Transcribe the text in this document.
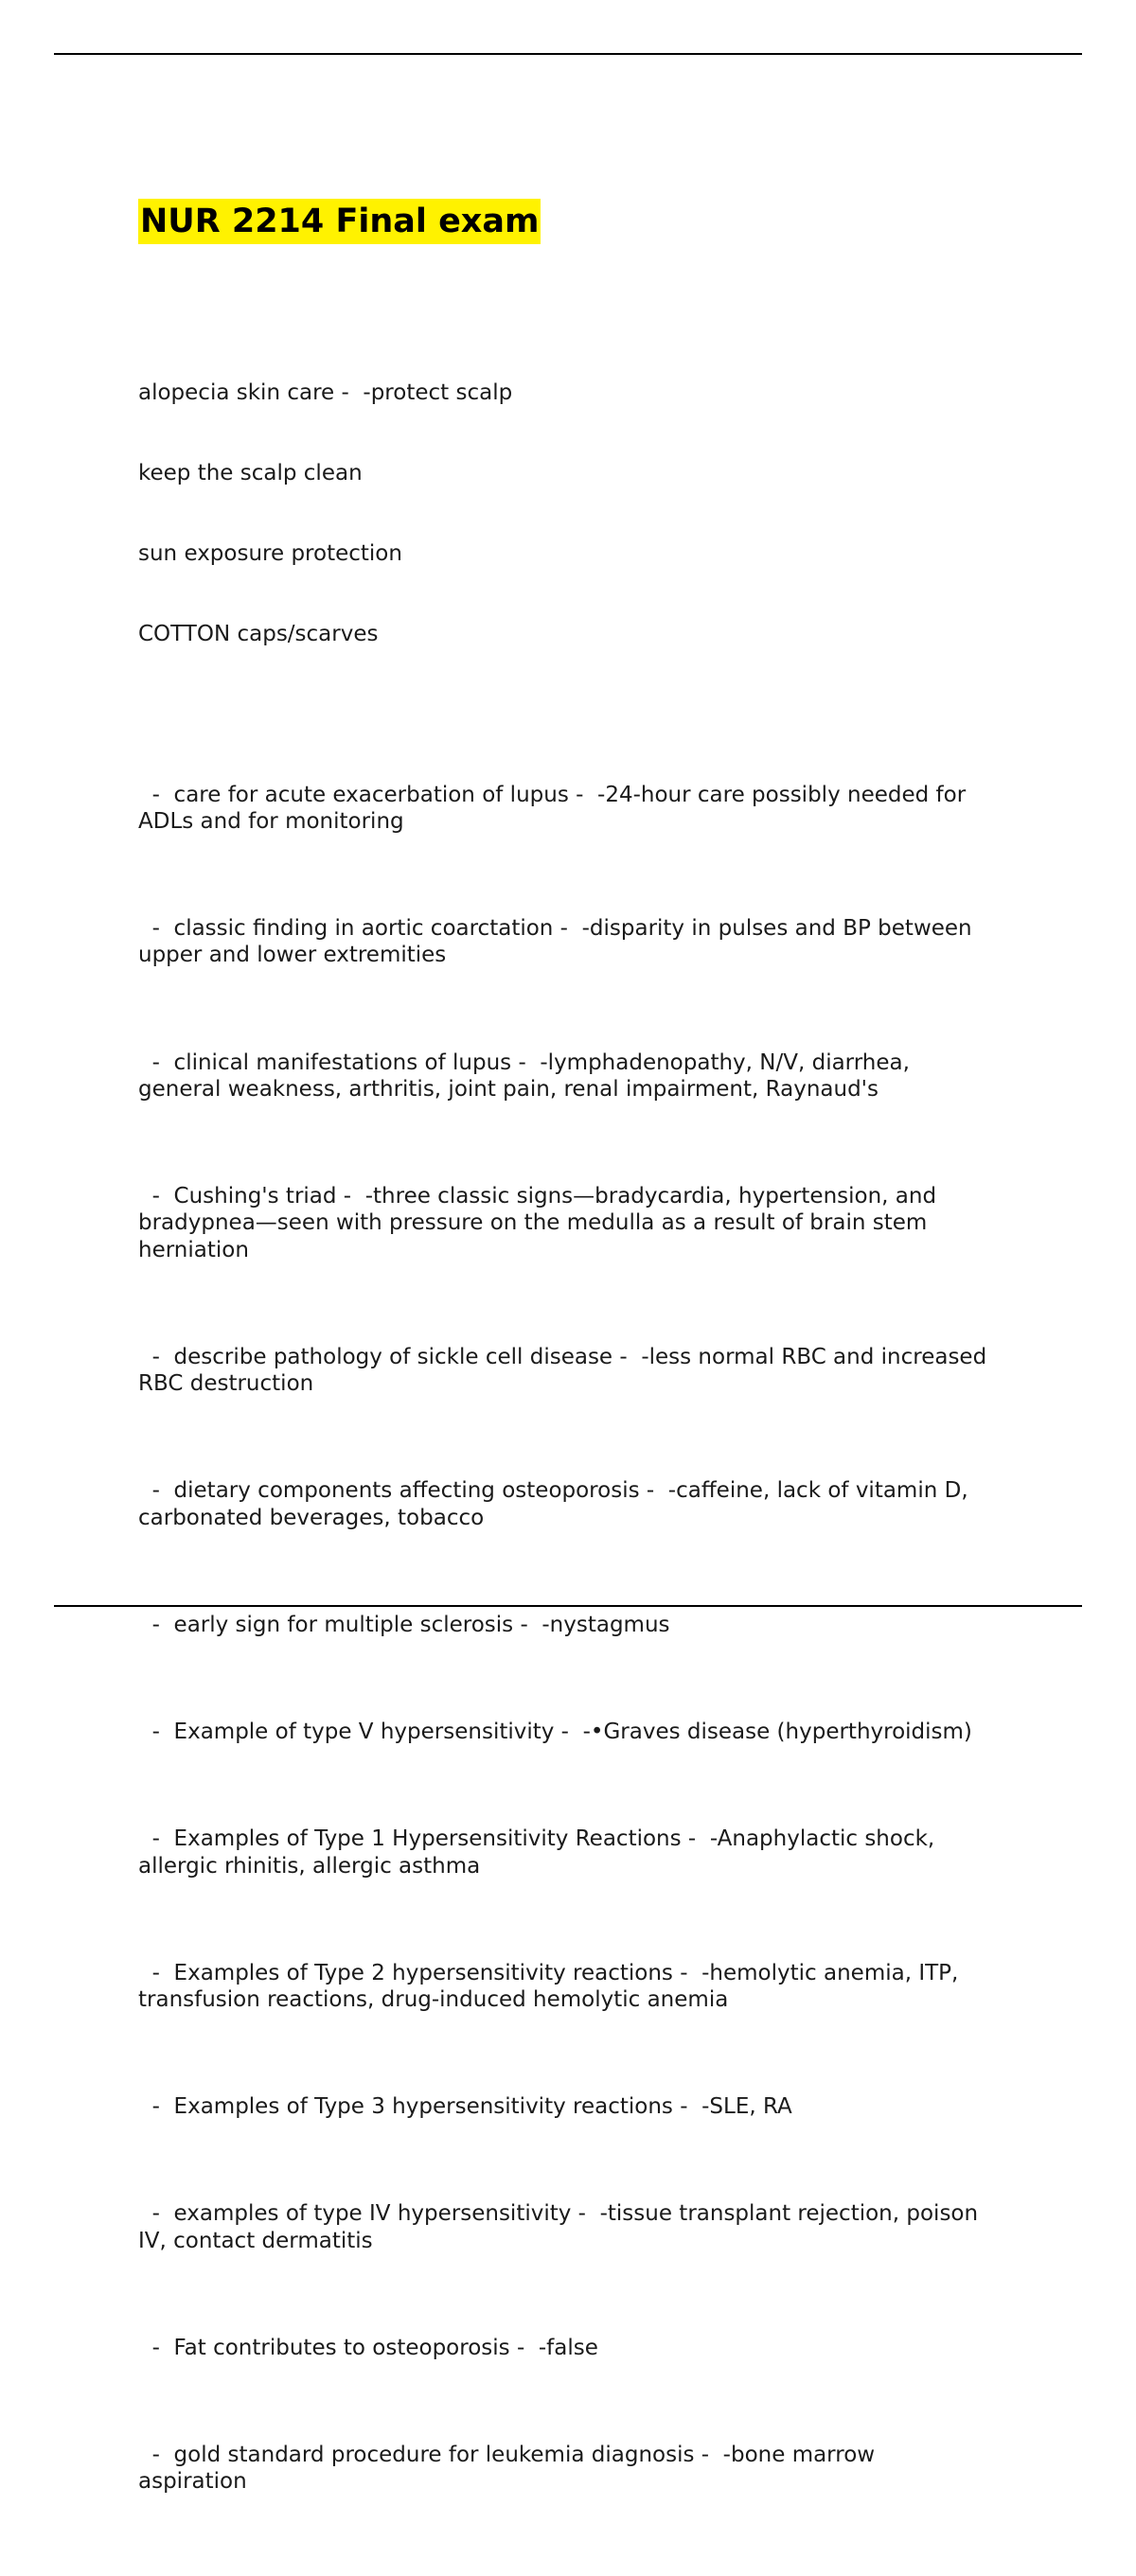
NUR 2214 Final exam

alopecia skin care -  -protect scalp

keep the scalp clean

sun exposure protection

COTTON caps/scarves

-  care for acute exacerbation of lupus -  -24-hour care possibly needed for ADLs and for monitoring

-  classic finding in aortic coarctation -  -disparity in pulses and BP between upper and lower extremities

-  clinical manifestations of lupus -  -lymphadenopathy, N/V, diarrhea, general weakness, arthritis, joint pain, renal impairment, Raynaud's

-  Cushing's triad -  -three classic signs—bradycardia, hypertension, and bradypnea—seen with pressure on the medulla as a result of brain stem herniation

-  describe pathology of sickle cell disease -  -less normal RBC and increased RBC destruction

-  dietary components affecting osteoporosis -  -caffeine, lack of vitamin D, carbonated beverages, tobacco

-  early sign for multiple sclerosis -  -nystagmus

-  Example of type V hypersensitivity -  -•Graves disease (hyperthyroidism)

-  Examples of Type 1 Hypersensitivity Reactions -  -Anaphylactic shock, allergic rhinitis, allergic asthma

-  Examples of Type 2 hypersensitivity reactions -  -hemolytic anemia, ITP, transfusion reactions, drug-induced hemolytic anemia

-  Examples of Type 3 hypersensitivity reactions -  -SLE, RA

-  examples of type IV hypersensitivity -  -tissue transplant rejection, poison IV, contact dermatitis

-  Fat contributes to osteoporosis -  -false

-  gold standard procedure for leukemia diagnosis -  -bone marrow aspiration
